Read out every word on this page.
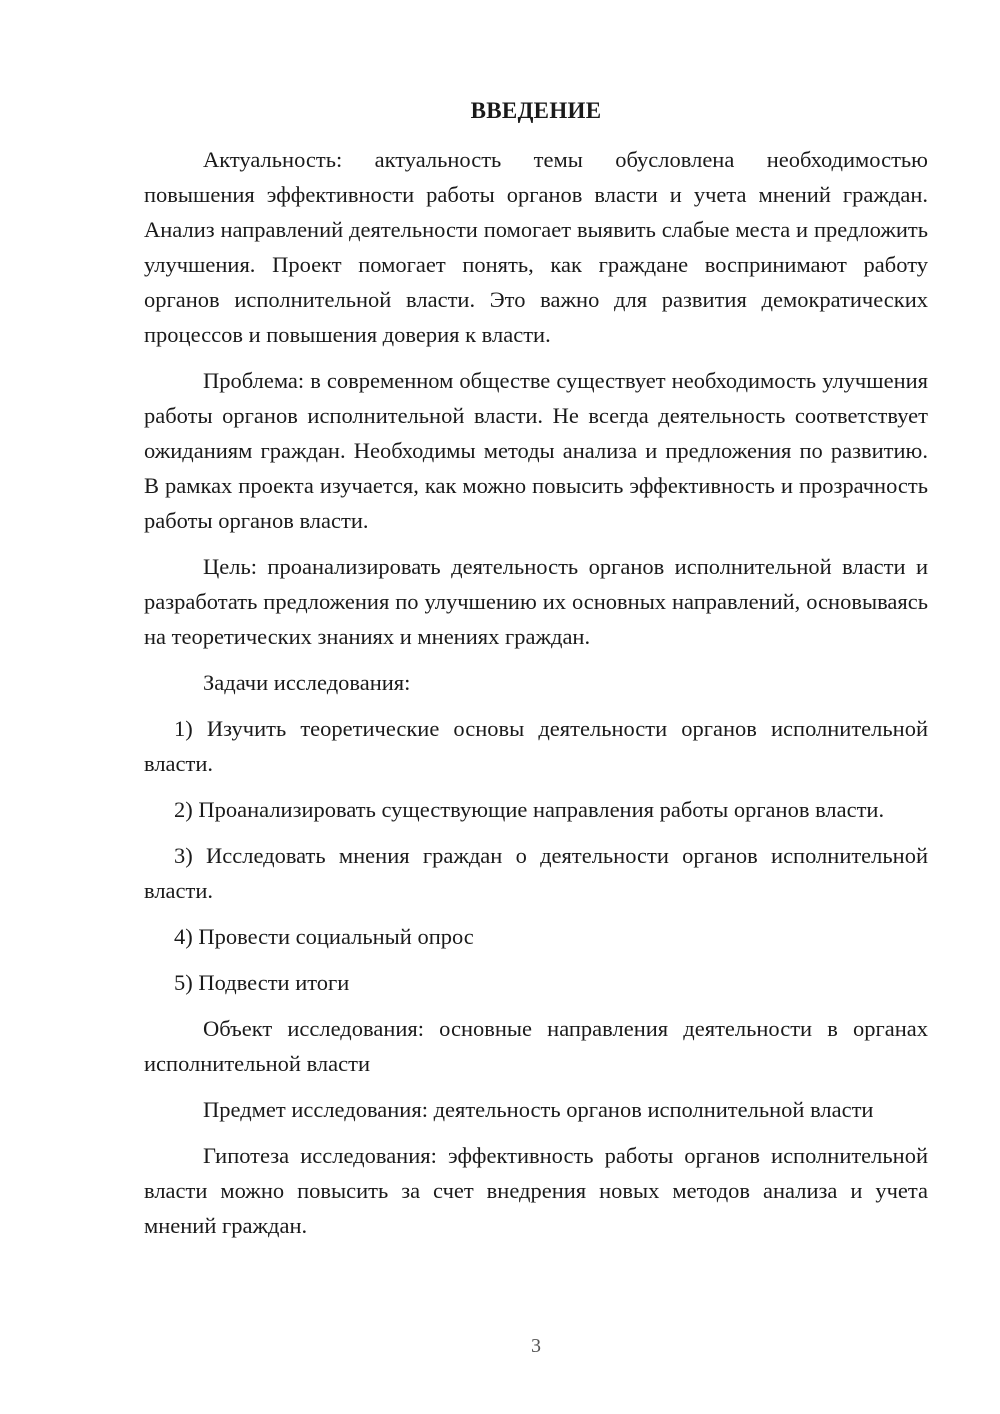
ВВЕДЕНИЕ

Актуальность: актуальность темы обусловлена необходимостью повышения эффективности работы органов власти и учета мнений граждан. Анализ направлений деятельности помогает выявить слабые места и предложить улучшения. Проект помогает понять, как граждане воспринимают работу органов исполнительной власти. Это важно для развития демократических процессов и повышения доверия к власти.

Проблема: в современном обществе существует необходимость улучшения работы органов исполнительной власти. Не всегда деятельность соответствует ожиданиям граждан. Необходимы методы анализа и предложения по развитию. В рамках проекта изучается, как можно повысить эффективность и прозрачность работы органов власти.

Цель: проанализировать деятельность органов исполнительной власти и разработать предложения по улучшению их основных направлений, основываясь на теоретических знаниях и мнениях граждан.

Задачи исследования:

1) Изучить теоретические основы деятельности органов исполнительной власти.

2) Проанализировать существующие направления работы органов власти.

3) Исследовать мнения граждан о деятельности органов исполнительной власти.

4) Провести социальный опрос

5) Подвести итоги

Объект исследования: основные направления деятельности в органах исполнительной власти

Предмет исследования: деятельность органов исполнительной власти

Гипотеза исследования: эффективность работы органов исполнительной власти можно повысить за счет внедрения новых методов анализа и учета мнений граждан.

3
